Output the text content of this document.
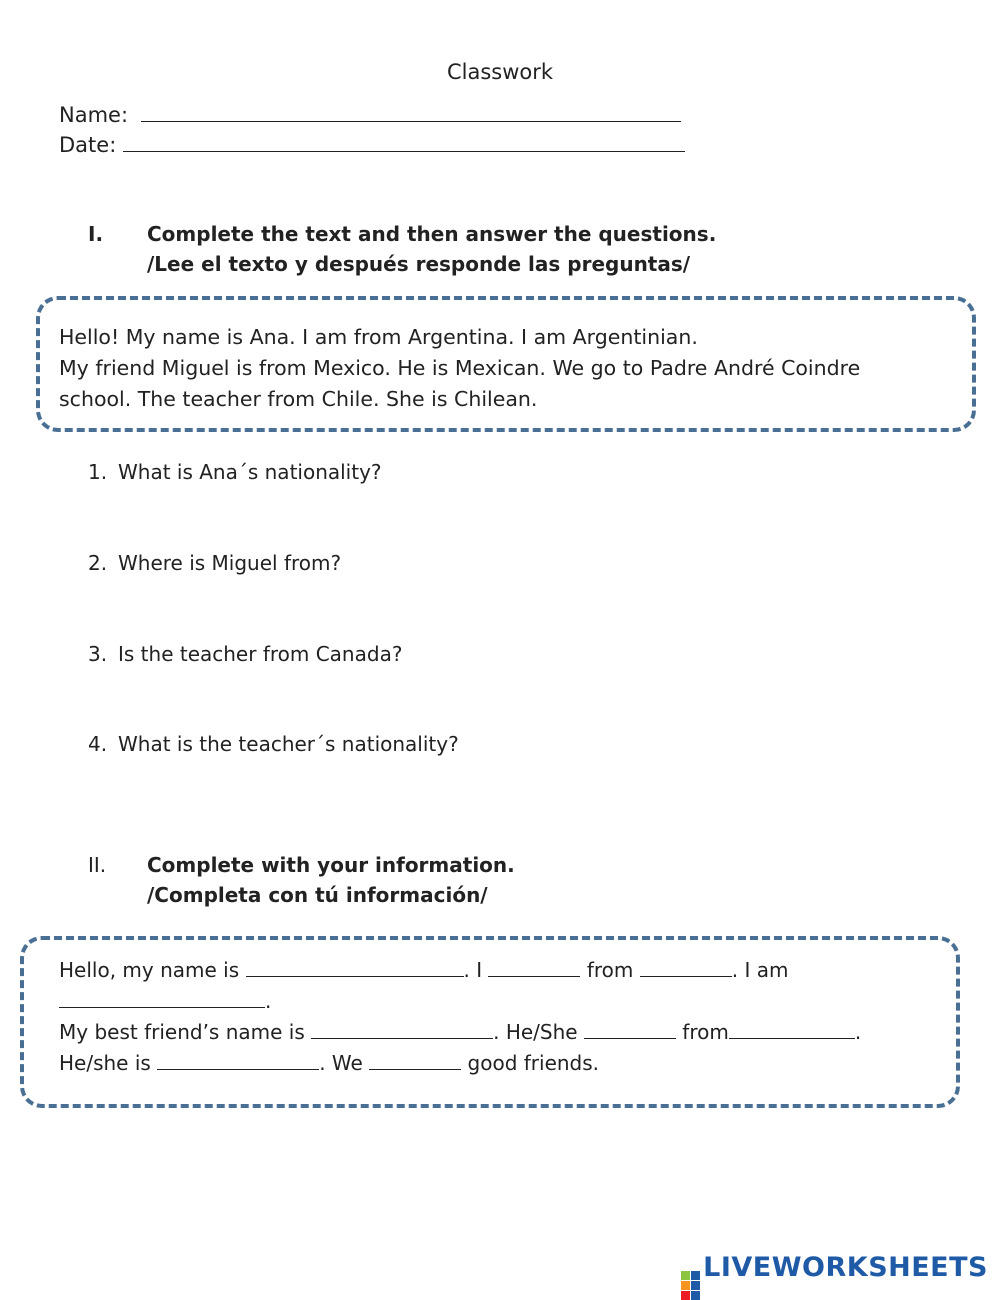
Classwork
Name:
Date:
I. Complete the text and then answer the questions.
/Lee el texto y después responde las preguntas/
Hello! My name is Ana. I am from Argentina. I am Argentinian.
My friend Miguel is from Mexico. He is Mexican. We go to Padre André Coindre
school. The teacher from Chile. She is Chilean.
1. What is Ana´s nationality?
2. Where is Miguel from?
3. Is the teacher from Canada?
4. What is the teacher´s nationality?
II. Complete with your information.
/Completa con tú información/
Hello, my name is	. I	from	. I am
.
My best friend’s name is	. He/She	from	.
He/she is	. We	good friends.
LIVEWORKSHEETS
